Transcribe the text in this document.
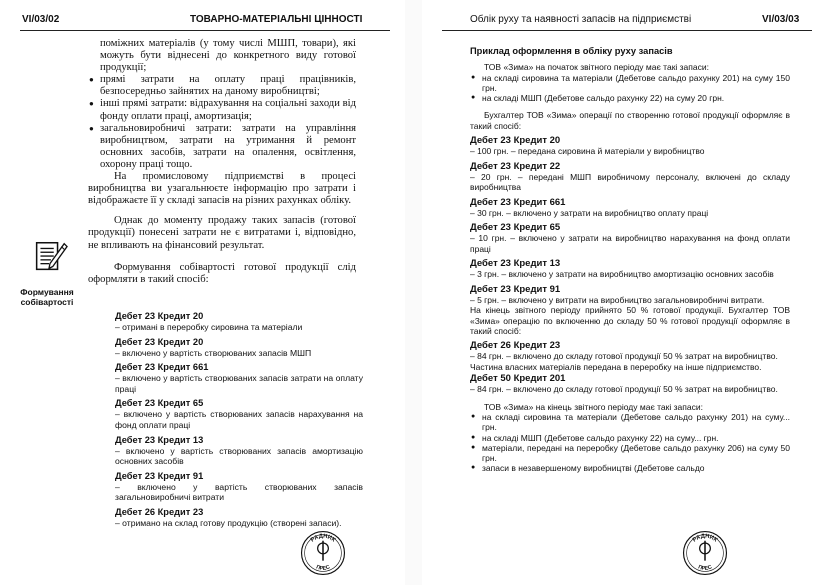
VI/03/02	ТОВАРНО-МАТЕРІАЛЬНІ ЦІННОСТІ

поміжних матеріалів (у тому числі МШП, товари), які можуть бути віднесені до конкретного виду готової продукції;

● прямі затрати на оплату праці працівників, безпосередньо зайнятих на даному виробництві;
● інші прямі затрати: відрахування на соціальні заходи від фонду оплати праці, амортизація;
● загальновиробничі затрати: затрати на управління виробництвом, затрати на утримання й ремонт основних засобів, затрати на опалення, освітлення, охорону праці тощо.

На промисловому підприємстві в процесі виробництва ви узагальнюєте інформацію про затрати і відображаєте її у складі запасів на різних рахунках обліку.

Однак до моменту продажу таких запасів (готової продукції) понесені затрати не є витратами і, відповідно, не впливають на фінансовий результат.

Формування собівартості готової продукції слід оформляти в такий спосіб:

Формування собівартості
Дебет 23 Кредит 20
– отримані в переробку сировина та матеріали
Дебет 23 Кредит 20
– включено у вартість створюваних запасів МШП
Дебет 23 Кредит 661
– включено у вартість створюваних запасів затрати на оплату праці
Дебет 23 Кредит 65
– включено у вартість створюваних запасів нарахування на фонд оплати праці
Дебет 23 Кредит 13
– включено у вартість створюваних запасів амортизацію основних засобів
Дебет 23 Кредит 91
– включено у вартість створюваних запасів загальновиробничі витрати
Дебет 26 Кредит 23
– отримано на склад готову продукцію (створені запаси).
РАДНИК
ПРЕС
Облік руху та наявності запасів на підприємстві	VI/03/03
Приклад оформлення в обліку руху запасів

ТОВ «Зима» на початок звітного періоду має такі запаси:

● на складі сировина та матеріали (Дебетове сальдо рахунку 201) на суму 150 грн.
● на складі МШП (Дебетове сальдо рахунку 22) на суму 20 грн.

Бухгалтер ТОВ «Зима» операції по створенню готової продукції оформляє в такий спосіб:

Дебет 23 Кредит 20

– 100 грн. – передана сировина й матеріали у виробництво

Дебет 23 Кредит 22

– 20 грн. – передані МШП виробничому персоналу, включені до складу виробництва

Дебет 23 Кредит 661

– 30 грн. – включено у затрати на виробництво оплату праці

Дебет 23 Кредит 65

– 10 грн. – включено у затрати на виробництво нарахування на фонд оплати праці

Дебет 23 Кредит 13

– 3 грн. – включено у затрати на виробництво амортизацію основних засобів

Дебет 23 Кредит 91

– 5 грн. – включено у витрати на виробництво загальновиробничі витрати.

На кінець звітного періоду прийнято 50 % готової продукції. Бухгалтер ТОВ «Зима» операцію по включенню до складу 50 % готової продукції оформляє в такий спосіб:

Дебет 26 Кредит 23

– 84 грн. – включено до складу готової продукції 50 % затрат на виробництво.

Частина власних матеріалів передана в переробку на інше підприємство.

Дебет 50 Кредит 201

– 84 грн. – включено до складу готової продукції 50 % затрат на виробництво.

ТОВ «Зима» на кінець звітного періоду має такі запаси:

● на складі сировина та матеріали (Дебетове сальдо рахунку 201) на суму... грн.
● на складі МШП (Дебетове сальдо рахунку 22) на суму... грн.
● матеріали, передані на переробку (Дебетове сальдо рахунку 206) на суму 50 грн.
● запаси в незавершеному виробництві (Дебетове сальдо
РАДНИК
ПРЕС
